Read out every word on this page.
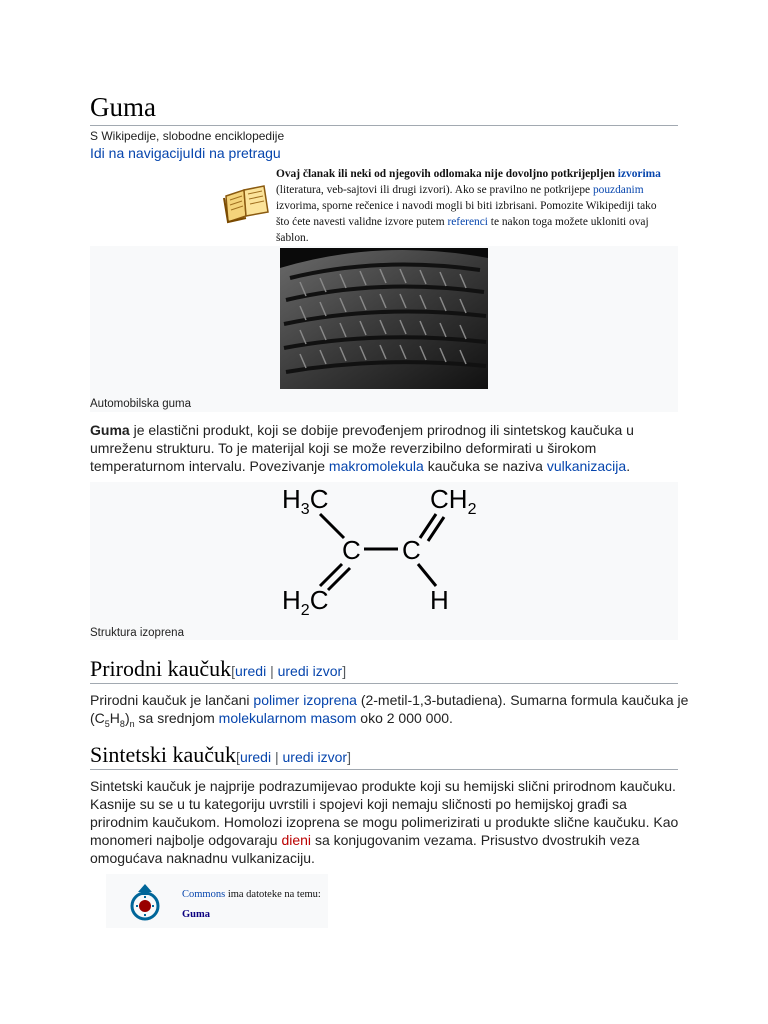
Guma
S Wikipedije, slobodne enciklopedije
Idi na navigacijuIdi na pretragu
Ovaj članak ili neki od njegovih odlomaka nije dovoljno potkrijepljen izvorima (literatura, veb-sajtovi ili drugi izvori). Ako se pravilno ne potkrijepe pouzdanim izvorima, sporne rečenice i navodi mogli bi biti izbrisani. Pomozite Wikipediji tako što ćete navesti validne izvore putem referenci te nakon toga možete ukloniti ovaj šablon.
Automobilska guma
Guma je elastični produkt, koji se dobije prevođenjem prirodnog ili sintetskog kaučuka u umreženu strukturu. To je materijal koji se može reverzibilno deformirati u širokom temperaturnom intervalu. Povezivanje makromolekula kaučuka se naziva vulkanizacija.
$H_3C$	$CH_2$
C C
$H_2C$	H
Struktura izoprena
Prirodni kaučuk[uredi | uredi izvor]
Prirodni kaučuk je lančani polimer izoprena (2-metil-1,3-butadiena). Sumarna formula kaučuka je $(C_5H_8)_n$ sa srednjom molekularnom masom oko 2 000 000.
Sintetski kaučuk[uredi | uredi izvor]
Sintetski kaučuk je najprije podrazumijevao produkte koji su hemijski slični prirodnom kaučuku. Kasnije su se u tu kategoriju uvrstili i spojevi koji nemaju sličnosti po hemijskoj građi sa prirodnim kaučukom. Homolozi izoprena se mogu polimerizirati u produkte slične kaučuku. Kao monomeri najbolje odgovaraju dieni sa konjugovanim vezama. Prisustvo dvostrukih veza omogućava naknadnu vulkanizaciju.
Commons ima datoteke na temu: Guma
